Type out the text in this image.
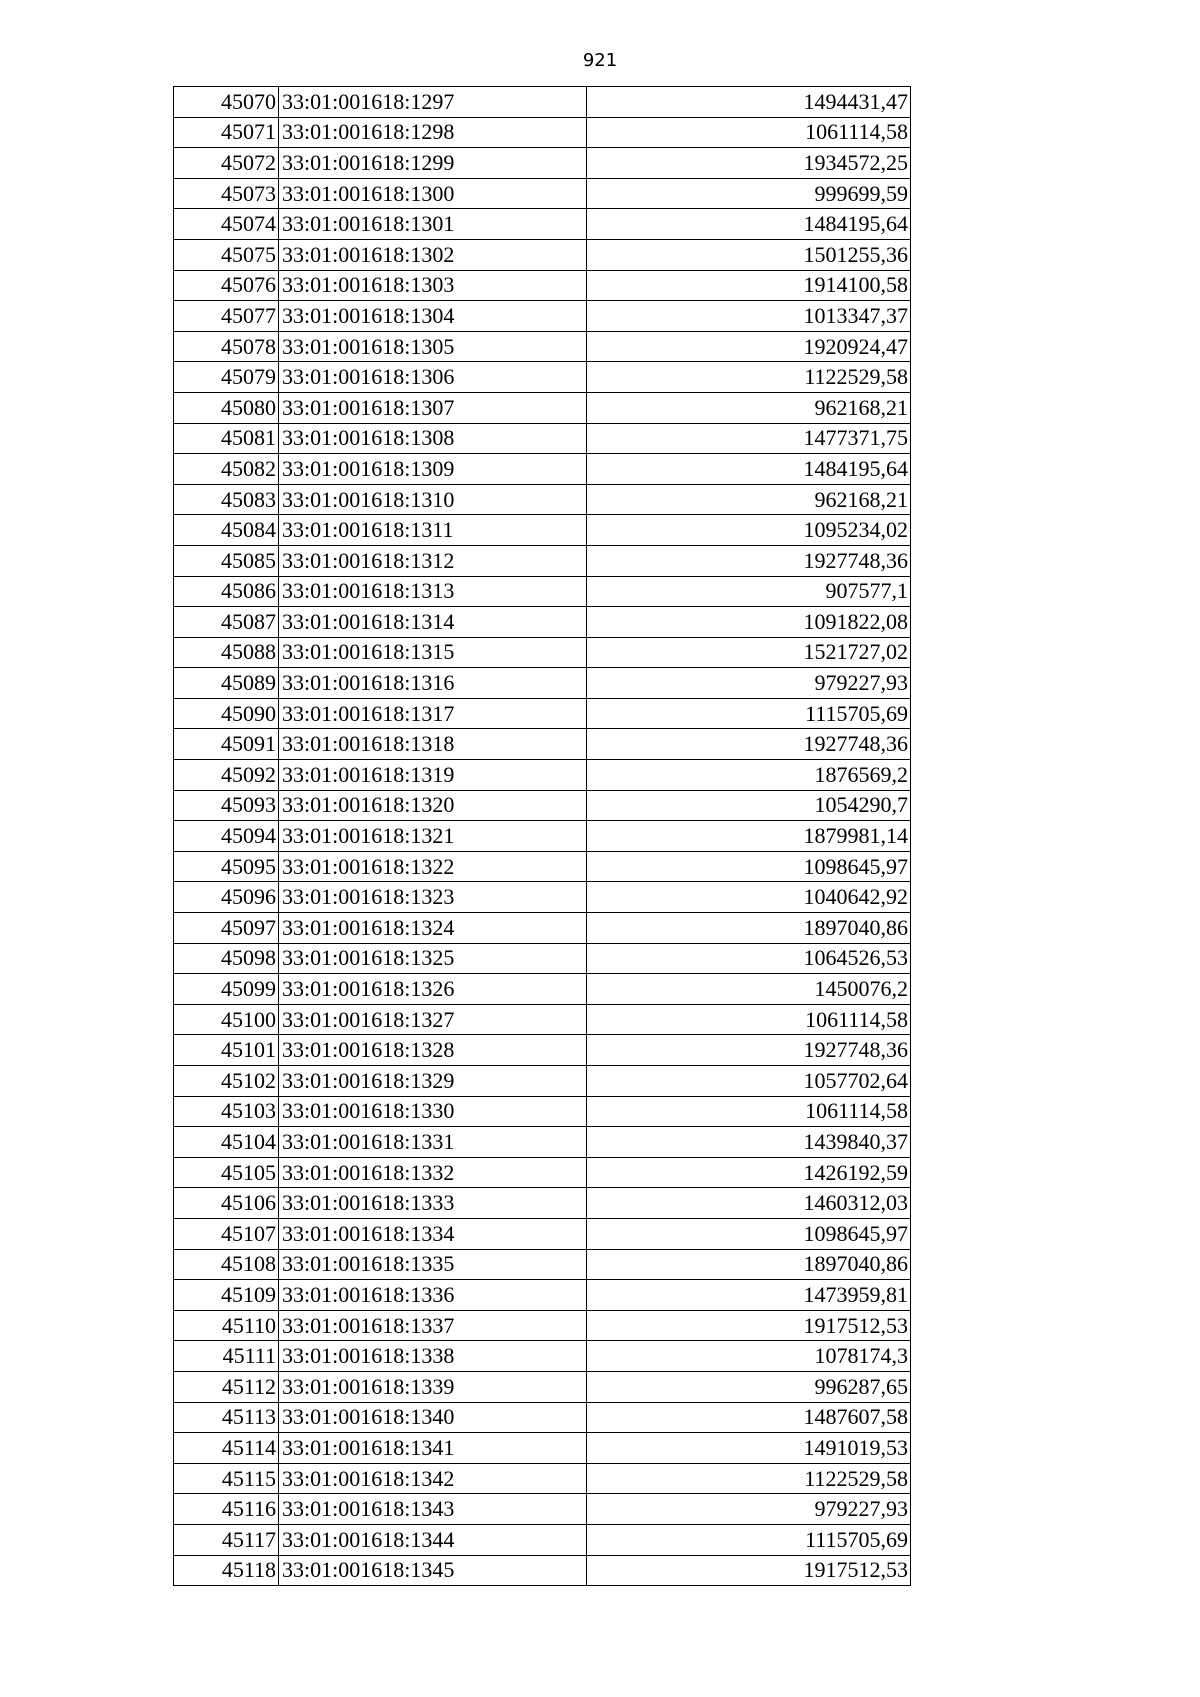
921
45070	33:01:001618:1297	1494431,47
45071	33:01:001618:1298	1061114,58
45072	33:01:001618:1299	1934572,25
45073	33:01:001618:1300	999699,59
45074	33:01:001618:1301	1484195,64
45075	33:01:001618:1302	1501255,36
45076	33:01:001618:1303	1914100,58
45077	33:01:001618:1304	1013347,37
45078	33:01:001618:1305	1920924,47
45079	33:01:001618:1306	1122529,58
45080	33:01:001618:1307	962168,21
45081	33:01:001618:1308	1477371,75
45082	33:01:001618:1309	1484195,64
45083	33:01:001618:1310	962168,21
45084	33:01:001618:1311	1095234,02
45085	33:01:001618:1312	1927748,36
45086	33:01:001618:1313	907577,1
45087	33:01:001618:1314	1091822,08
45088	33:01:001618:1315	1521727,02
45089	33:01:001618:1316	979227,93
45090	33:01:001618:1317	1115705,69
45091	33:01:001618:1318	1927748,36
45092	33:01:001618:1319	1876569,2
45093	33:01:001618:1320	1054290,7
45094	33:01:001618:1321	1879981,14
45095	33:01:001618:1322	1098645,97
45096	33:01:001618:1323	1040642,92
45097	33:01:001618:1324	1897040,86
45098	33:01:001618:1325	1064526,53
45099	33:01:001618:1326	1450076,2
45100	33:01:001618:1327	1061114,58
45101	33:01:001618:1328	1927748,36
45102	33:01:001618:1329	1057702,64
45103	33:01:001618:1330	1061114,58
45104	33:01:001618:1331	1439840,37
45105	33:01:001618:1332	1426192,59
45106	33:01:001618:1333	1460312,03
45107	33:01:001618:1334	1098645,97
45108	33:01:001618:1335	1897040,86
45109	33:01:001618:1336	1473959,81
45110	33:01:001618:1337	1917512,53
45111	33:01:001618:1338	1078174,3
45112	33:01:001618:1339	996287,65
45113	33:01:001618:1340	1487607,58
45114	33:01:001618:1341	1491019,53
45115	33:01:001618:1342	1122529,58
45116	33:01:001618:1343	979227,93
45117	33:01:001618:1344	1115705,69
45118	33:01:001618:1345	1917512,53
